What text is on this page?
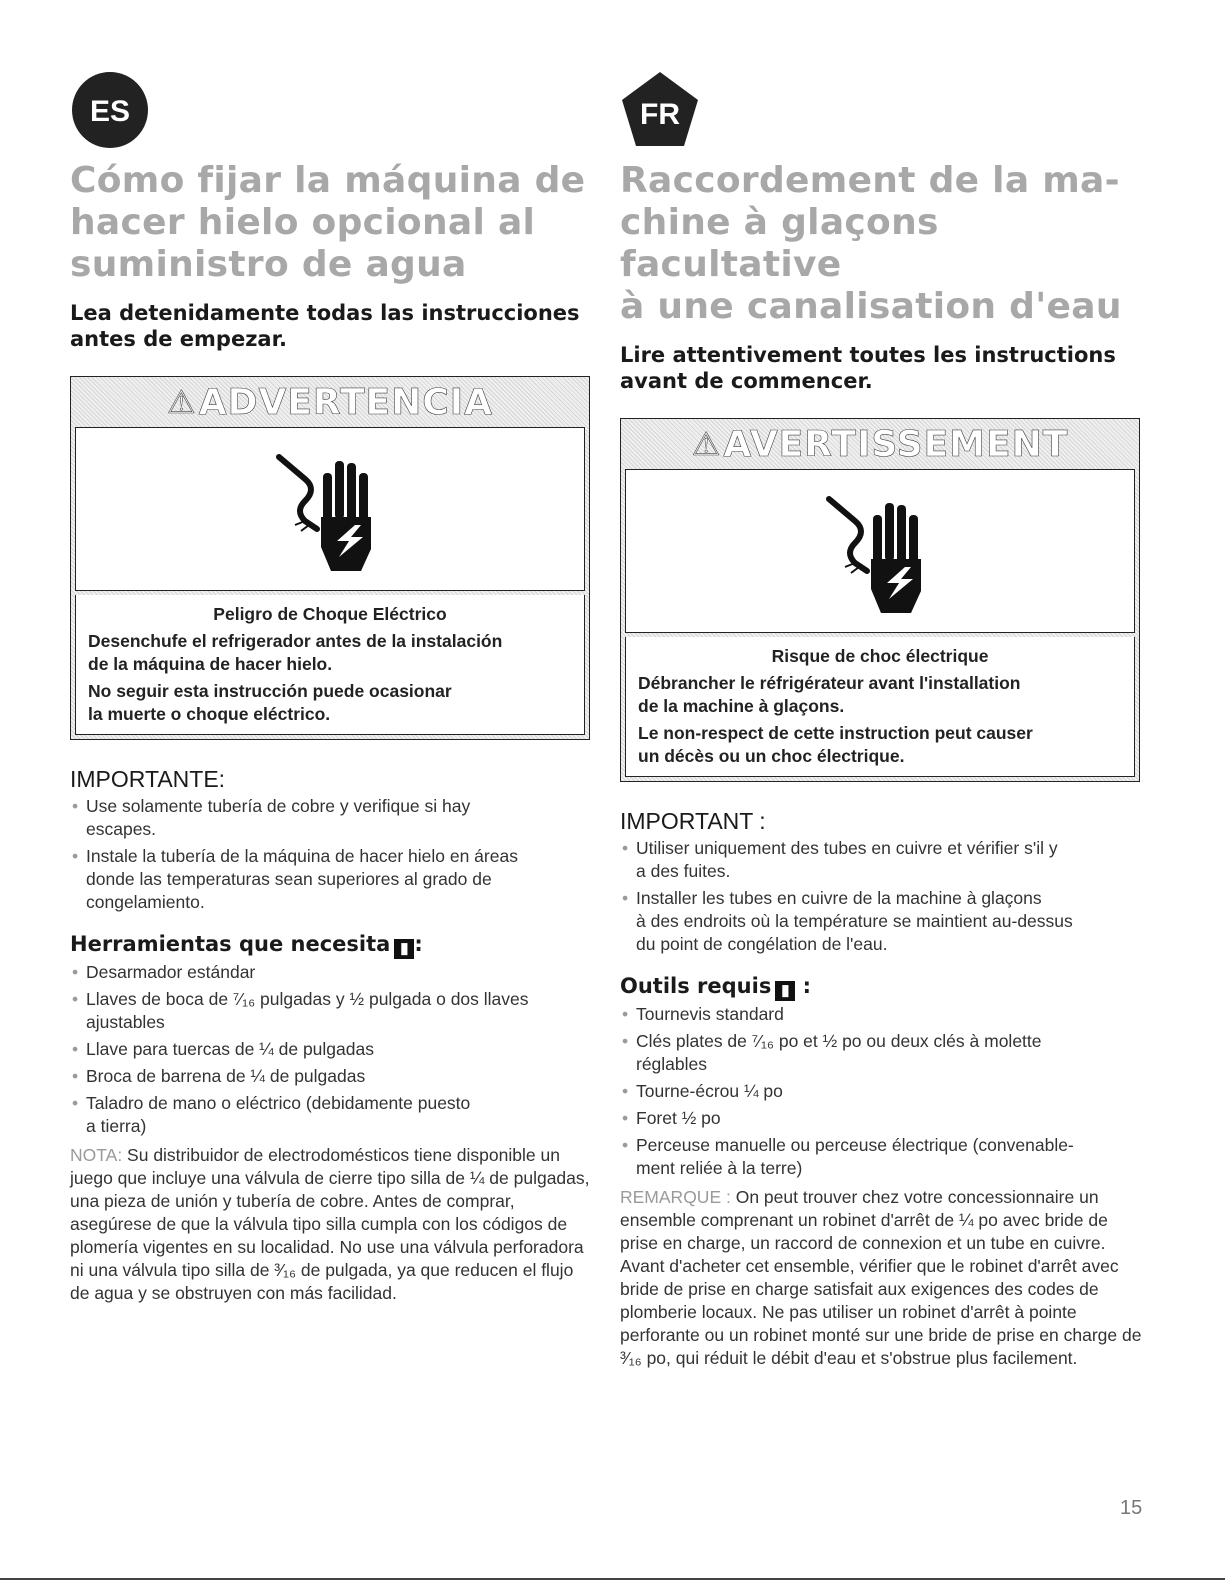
ES
Cómo fijar la máquina de
hacer hielo opcional al
suministro de agua

Lea detenidamente todas las instrucciones
antes de empezar.

⚠ ADVERTENCIA
Peligro de Choque Eléctrico

Desenchufe el refrigerador antes de la instalación
de la máquina de hacer hielo.

No seguir esta instrucción puede ocasionar
la muerte o choque eléctrico.

IMPORTANTE:
• Use solamente tubería de cobre y verifique si hay
escapes.
• Instale la tubería de la máquina de hacer hielo en áreas
donde las temperaturas sean superiores al grado de
congelamiento.
Herramientas que necesita ▮ :
• Desarmador estándar
• Llaves de boca de ⁷⁄₁₆ pulgadas y ½ pulgada o dos llaves
ajustables
• Llave para tuercas de ¼ de pulgadas
• Broca de barrena de ¼ de pulgadas
• Taladro de mano o eléctrico (debidamente puesto
a tierra)

NOTA: Su distribuidor de electrodomésticos tiene disponible un juego que incluye una válvula de cierre tipo silla de ¼ de pulgadas, una pieza de unión y tubería de cobre. Antes de comprar, asegúrese de que la válvula tipo silla cumpla con los códigos de plomería vigentes en su localidad. No use una válvula perforadora ni una válvula tipo silla de ³⁄₁₆ de pulgada, ya que reducen el flujo de agua y se obstruyen con más facilidad.

FR
Raccordement de la ma-
chine à glaçons facultative
à une canalisation d'eau

Lire attentivement toutes les instructions
avant de commencer.

⚠ AVERTISSEMENT
Risque de choc électrique

Débrancher le réfrigérateur avant l'installation
de la machine à glaçons.

Le non-respect de cette instruction peut causer
un décès ou un choc électrique.

IMPORTANT :
• Utiliser uniquement des tubes en cuivre et vérifier s'il y
a des fuites.
• Installer les tubes en cuivre de la machine à glaçons
à des endroits où la température se maintient au-dessus
du point de congélation de l'eau.
Outils requis ▮ :
• Tournevis standard
• Clés plates de ⁷⁄₁₆ po et ½ po ou deux clés à molette
réglables
• Tourne-écrou ¼ po
• Foret ½ po
• Perceuse manuelle ou perceuse électrique (convenable-
ment reliée à la terre)

REMARQUE : On peut trouver chez votre concessionnaire un ensemble comprenant un robinet d'arrêt de ¼ po avec bride de prise en charge, un raccord de connexion et un tube en cuivre. Avant d'acheter cet ensemble, vérifier que le robinet d'arrêt avec bride de prise en charge satisfait aux exigences des codes de plomberie locaux. Ne pas utiliser un robinet d'arrêt à pointe perforante ou un robinet monté sur une bride de prise en charge de ³⁄₁₆ po, qui réduit le débit d'eau et s'obstrue plus facilement.

15
